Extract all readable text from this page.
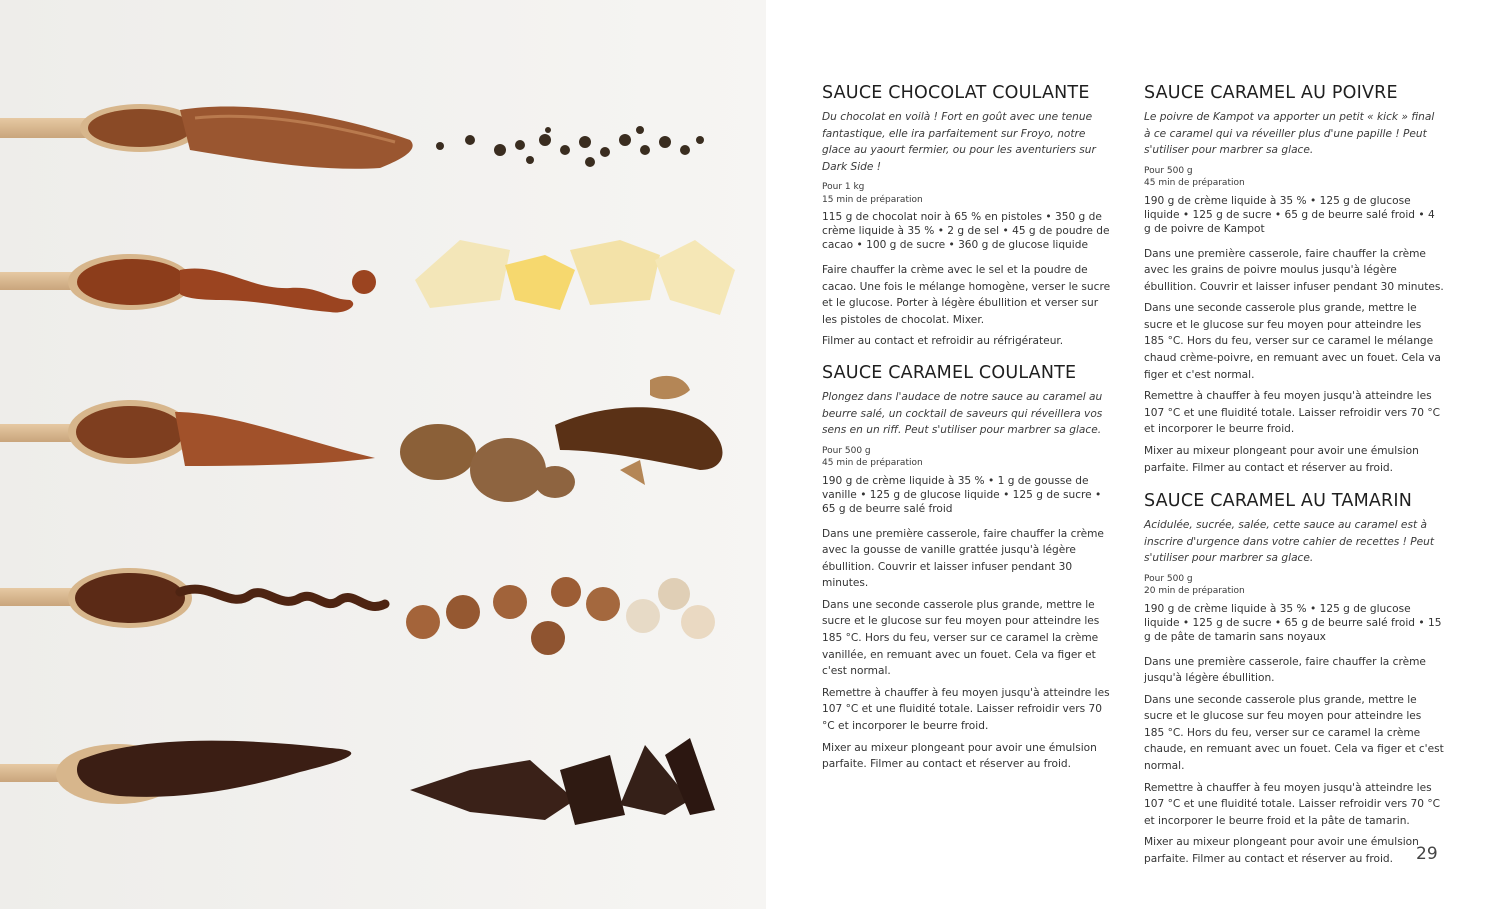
SAUCE CHOCOLAT COULANTE

Du chocolat en voilà ! Fort en goût avec une tenue fantastique, elle ira parfaitement sur Froyo, notre glace au yaourt fermier, ou pour les aventuriers sur Dark Side !

Pour 1 kg
15 min de préparation

115 g de chocolat noir à 65 % en pistoles • 350 g de crème liquide à 35 % • 2 g de sel • 45 g de poudre de cacao • 100 g de sucre • 360 g de glucose liquide

Faire chauffer la crème avec le sel et la poudre de cacao. Une fois le mélange homogène, verser le sucre et le glucose. Porter à légère ébullition et verser sur les pistoles de chocolat. Mixer.

Filmer au contact et refroidir au réfrigérateur.

SAUCE CARAMEL COULANTE

Plongez dans l'audace de notre sauce au caramel au beurre salé, un cocktail de saveurs qui réveillera vos sens en un riff. Peut s'utiliser pour marbrer sa glace.

Pour 500 g
45 min de préparation

190 g de crème liquide à 35 % • 1 g de gousse de vanille • 125 g de glucose liquide • 125 g de sucre • 65 g de beurre salé froid

Dans une première casserole, faire chauffer la crème avec la gousse de vanille grattée jusqu'à légère ébullition. Couvrir et laisser infuser pendant 30 minutes.

Dans une seconde casserole plus grande, mettre le sucre et le glucose sur feu moyen pour atteindre les 185 °C. Hors du feu, verser sur ce caramel la crème vanillée, en remuant avec un fouet. Cela va figer et c'est normal.

Remettre à chauffer à feu moyen jusqu'à atteindre les 107 °C et une fluidité totale. Laisser refroidir vers 70 °C et incorporer le beurre froid.

Mixer au mixeur plongeant pour avoir une émulsion parfaite. Filmer au contact et réserver au froid.

SAUCE CARAMEL AU POIVRE

Le poivre de Kampot va apporter un petit « kick » final à ce caramel qui va réveiller plus d'une papille ! Peut s'utiliser pour marbrer sa glace.

Pour 500 g
45 min de préparation

190 g de crème liquide à 35 % • 125 g de glucose liquide • 125 g de sucre • 65 g de beurre salé froid • 4 g de poivre de Kampot

Dans une première casserole, faire chauffer la crème avec les grains de poivre moulus jusqu'à légère ébullition. Couvrir et laisser infuser pendant 30 minutes.

Dans une seconde casserole plus grande, mettre le sucre et le glucose sur feu moyen pour atteindre les 185 °C. Hors du feu, verser sur ce caramel le mélange chaud crème-poivre, en remuant avec un fouet. Cela va figer et c'est normal.

Remettre à chauffer à feu moyen jusqu'à atteindre les 107 °C et une fluidité totale. Laisser refroidir vers 70 °C et incorporer le beurre froid.

Mixer au mixeur plongeant pour avoir une émulsion parfaite. Filmer au contact et réserver au froid.

SAUCE CARAMEL AU TAMARIN

Acidulée, sucrée, salée, cette sauce au caramel est à inscrire d'urgence dans votre cahier de recettes ! Peut s'utiliser pour marbrer sa glace.

Pour 500 g
20 min de préparation

190 g de crème liquide à 35 % • 125 g de glucose liquide • 125 g de sucre • 65 g de beurre salé froid • 15 g de pâte de tamarin sans noyaux

Dans une première casserole, faire chauffer la crème jusqu'à légère ébullition.

Dans une seconde casserole plus grande, mettre le sucre et le glucose sur feu moyen pour atteindre les 185 °C. Hors du feu, verser sur ce caramel la crème chaude, en remuant avec un fouet. Cela va figer et c'est normal.

Remettre à chauffer à feu moyen jusqu'à atteindre les 107 °C et une fluidité totale. Laisser refroidir vers 70 °C et incorporer le beurre froid et la pâte de tamarin.

Mixer au mixeur plongeant pour avoir une émulsion parfaite. Filmer au contact et réserver au froid.	29
